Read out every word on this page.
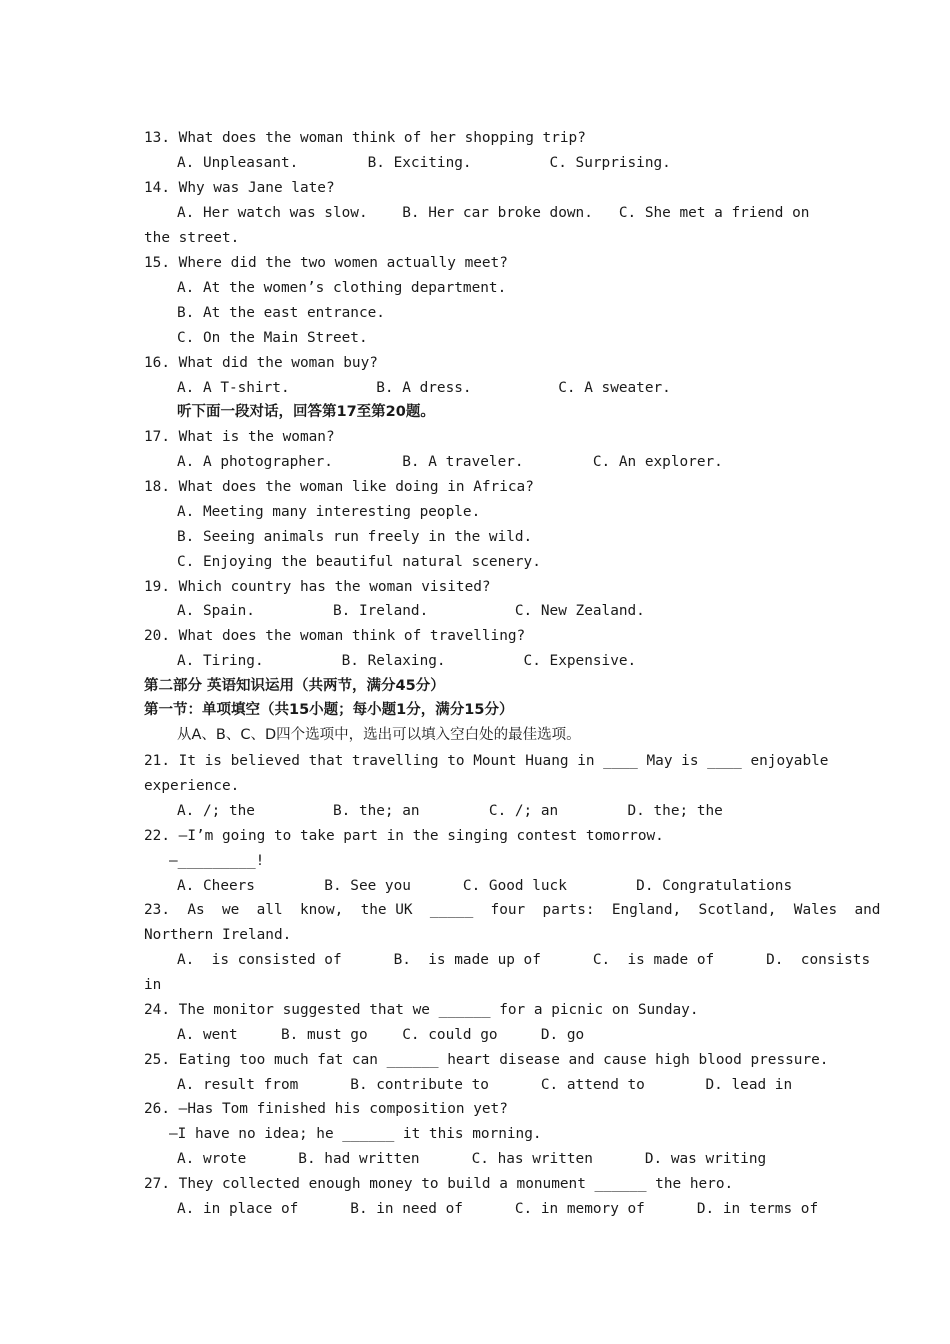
13. What does the woman think of her shopping trip?
A. Unpleasant.        B. Exciting.         C. Surprising.
14. Why was Jane late?
A. Her watch was slow.    B. Her car broke down.   C. She met a friend on
the street.
15. Where did the two women actually meet?
A. At the women’s clothing department.
B. At the east entrance.
C. On the Main Street.
16. What did the woman buy?
A. A T-shirt.          B. A dress.          C. A sweater.
听下面一段对话，回答第17至第20题。
17. What is the woman?
A. A photographer.        B. A traveler.        C. An explorer.
18. What does the woman like doing in Africa?
A. Meeting many interesting people.
B. Seeing animals run freely in the wild.
C. Enjoying the beautiful natural scenery.
19. Which country has the woman visited?
A. Spain.         B. Ireland.          C. New Zealand.
20. What does the woman think of travelling?
A. Tiring.         B. Relaxing.         C. Expensive.
第二部分 英语知识运用（共两节，满分45分）
第一节：单项填空（共15小题；每小题1分，满分15分）
从A、B、C、D四个选项中，选出可以填入空白处的最佳选项。
21. It is believed that travelling to Mount Huang in ____ May is ____ enjoyable
experience.
A. /; the         B. the; an        C. /; an        D. the; the
22. —I’m going to take part in the singing contest tomorrow.
—_________!
A. Cheers        B. See you      C. Good luck        D. Congratulations
23.  As  we  all  know,  the UK  _____  four  parts:  England,  Scotland,  Wales  and
Northern Ireland.
A.  is consisted of      B.  is made up of      C.  is made of      D.  consists
in
24. The monitor suggested that we ______ for a picnic on Sunday.
A. went     B. must go    C. could go     D. go
25. Eating too much fat can ______ heart disease and cause high blood pressure.
A. result from      B. contribute to      C. attend to       D. lead in
26. —Has Tom finished his composition yet?
—I have no idea; he ______ it this morning.
A. wrote      B. had written      C. has written      D. was writing
27. They collected enough money to build a monument ______ the hero.
A. in place of      B. in need of      C. in memory of      D. in terms of
